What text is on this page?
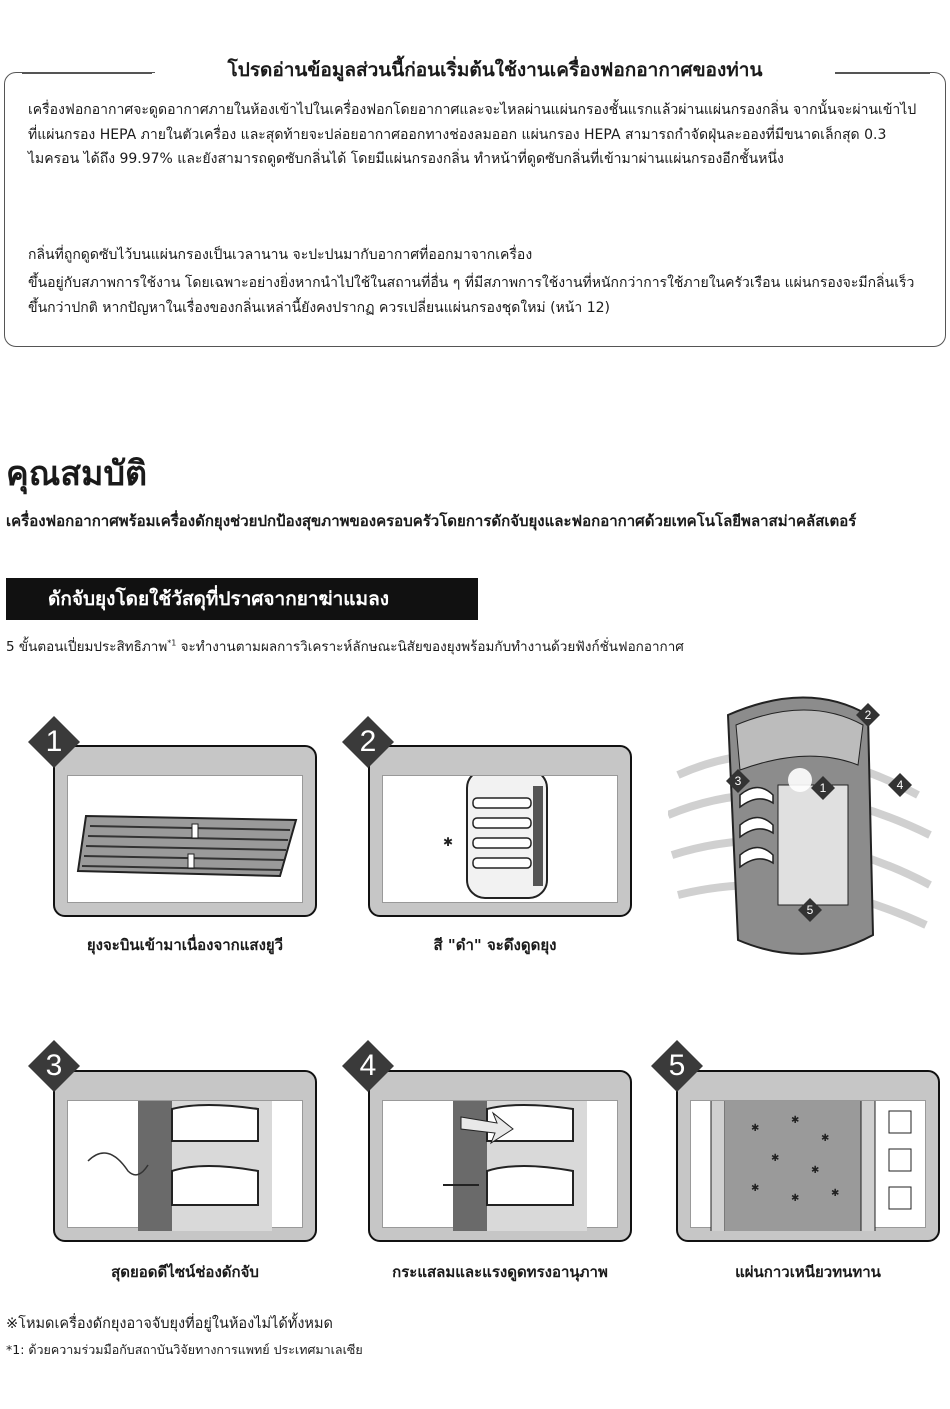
โปรดอ่านข้อมูลส่วนนี้ก่อนเริ่มต้นใช้งานเครื่องฟอกอากาศของท่าน

เครื่องฟอกอากาศจะดูดอากาศภายในห้องเข้าไปในเครื่องฟอกโดยอากาศและจะไหลผ่านแผ่นกรองชั้นแรกแล้วผ่านแผ่นกรองกลิ่น จากนั้นจะผ่านเข้าไปที่แผ่นกรอง HEPA ภายในตัวเครื่อง และสุดท้ายจะปล่อยอากาศออกทางช่องลมออก แผ่นกรอง HEPA สามารถกำจัดฝุ่นละอองที่มีขนาดเล็กสุด 0.3 ไมครอน ได้ถึง 99.97% และยังสามารถดูดซับกลิ่นได้ โดยมีแผ่นกรองกลิ่น ทำหน้าที่ดูดซับกลิ่นที่เข้ามาผ่านแผ่นกรองอีกชั้นหนึ่ง

กลิ่นที่ถูกดูดซับไว้บนแผ่นกรองเป็นเวลานาน จะปะปนมากับอากาศที่ออกมาจากเครื่อง

ขึ้นอยู่กับสภาพการใช้งาน โดยเฉพาะอย่างยิ่งหากนำไปใช้ในสถานที่อื่น ๆ ที่มีสภาพการใช้งานที่หนักกว่าการใช้ภายในครัวเรือน แผ่นกรองจะมีกลิ่นเร็วขึ้นกว่าปกติ หากปัญหาในเรื่องของกลิ่นเหล่านี้ยังคงปรากฏ ควรเปลี่ยนแผ่นกรองชุดใหม่ (หน้า 12)

คุณสมบัติ

เครื่องฟอกอากาศพร้อมเครื่องดักยุงช่วยปกป้องสุขภาพของครอบครัวโดยการดักจับยุงและฟอกอากาศด้วยเทคโนโลยีพลาสม่าคลัสเตอร์

ดักจับยุงโดยใช้วัสดุที่ปราศจากยาฆ่าแมลง

5 ขั้นตอนเปี่ยมประสิทธิภาพ$^{*1}$ จะทำงานตามผลการวิเคราะห์ลักษณะนิสัยของยุงพร้อมกับทำงานด้วยฟังก์ชั่นฟอกอากาศ

1
ยุงจะบินเข้ามาเนื่องจากแสงยูวี
✱
2
สี "ดำ" จะดึงดูดยุง
2
3	1	4
5
3
สุดยอดดีไซน์ช่องดักจับ
4
กระแสลมและแรงดูดทรงอานุภาพ
✱
✱
✱
✱
✱
✱
✱	✱
5
แผ่นกาวเหนียวทนทาน

※โหมดเครื่องดักยุงอาจจับยุงที่อยู่ในห้องไม่ได้ทั้งหมด

*1: ด้วยความร่วมมือกับสถาบันวิจัยทางการแพทย์ ประเทศมาเลเซีย
